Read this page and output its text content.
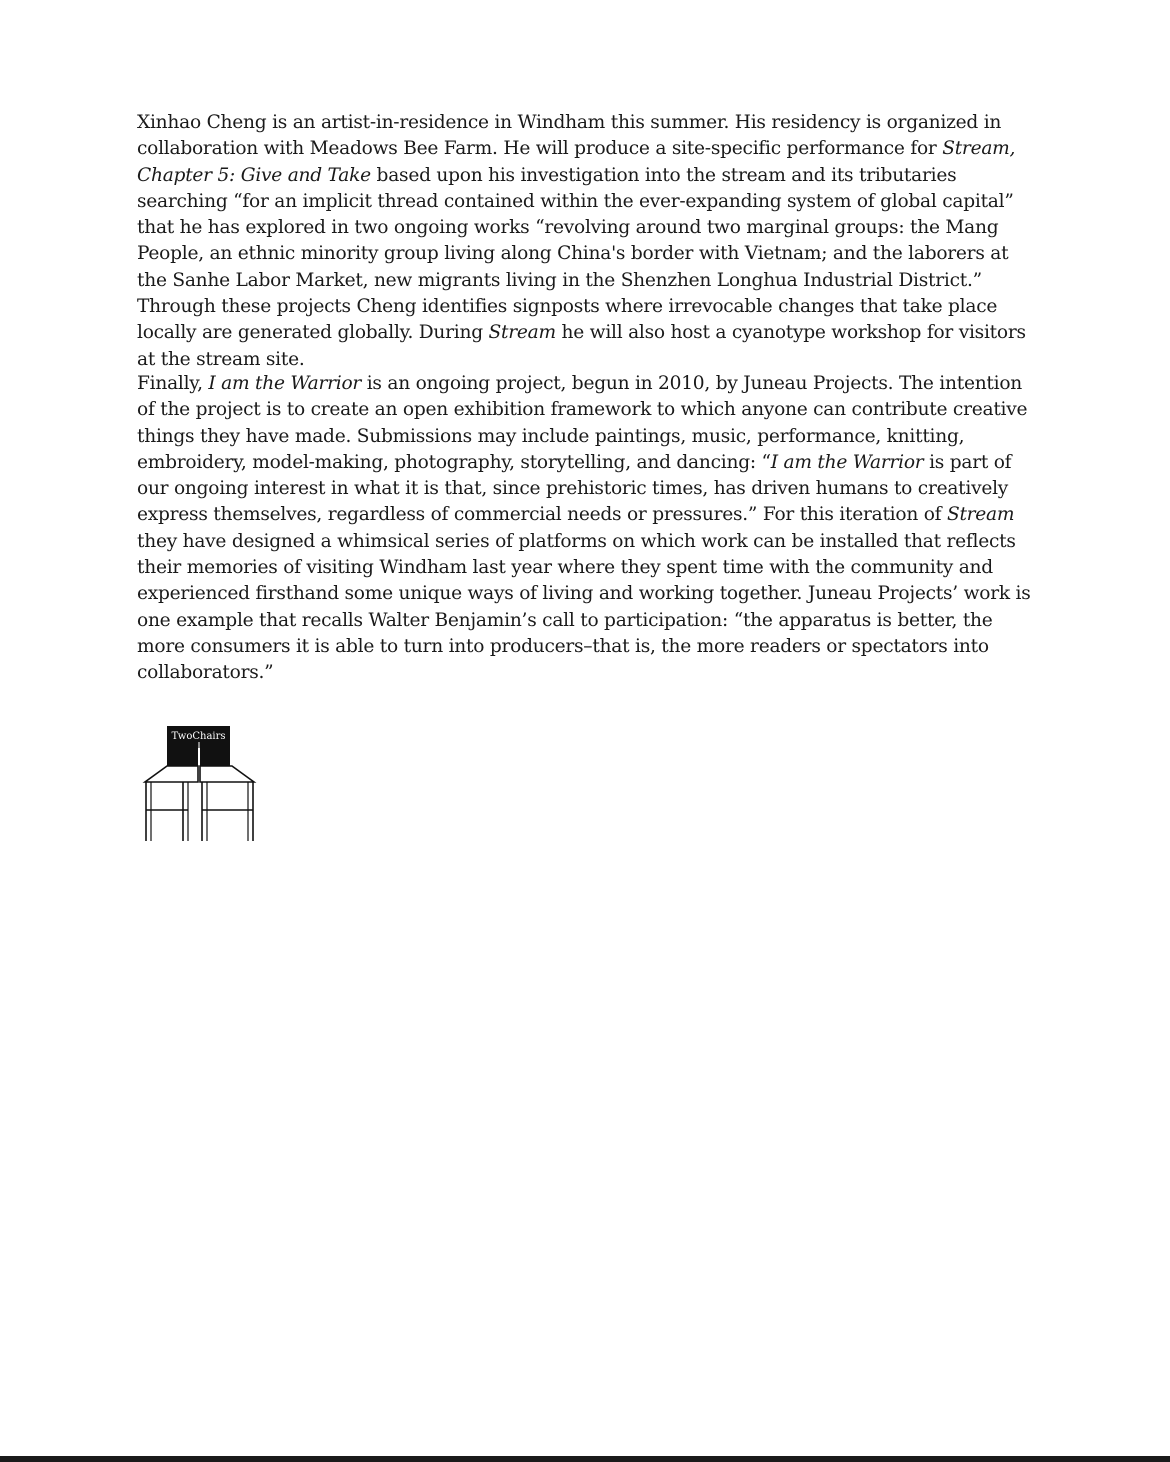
Xinhao Cheng is an artist-in-residence in Windham this summer. His residency is organized in collaboration with Meadows Bee Farm. He will produce a site-specific performance for Stream, Chapter 5: Give and Take based upon his investigation into the stream and its tributaries searching “for an implicit thread contained within the ever-expanding system of global capital” that he has explored in two ongoing works “revolving around two marginal groups: the Mang People, an ethnic minority group living along China's border with Vietnam; and the laborers at the Sanhe Labor Market, new migrants living in the Shenzhen Longhua Industrial District.” Through these projects Cheng identifies signposts where irrevocable changes that take place locally are generated globally. During Stream he will also host a cyanotype workshop for visitors at the stream site.

Finally, I am the Warrior is an ongoing project, begun in 2010, by Juneau Projects. The intention of the project is to create an open exhibition framework to which anyone can contribute creative things they have made. Submissions may include paintings, music, performance, knitting, embroidery, model-making, photography, storytelling, and dancing: “I am the Warrior is part of our ongoing interest in what it is that, since prehistoric times, has driven humans to creatively express themselves, regardless of commercial needs or pressures.” For this iteration of Stream they have designed a whimsical series of platforms on which work can be installed that reflects their memories of visiting Windham last year where they spent time with the community and experienced firsthand some unique ways of living and working together. Juneau Projects’ work is one example that recalls Walter Benjamin’s call to participation: “the apparatus is better, the more consumers it is able to turn into producers–that is, the more readers or spectators into collaborators.”

TwoChairs
